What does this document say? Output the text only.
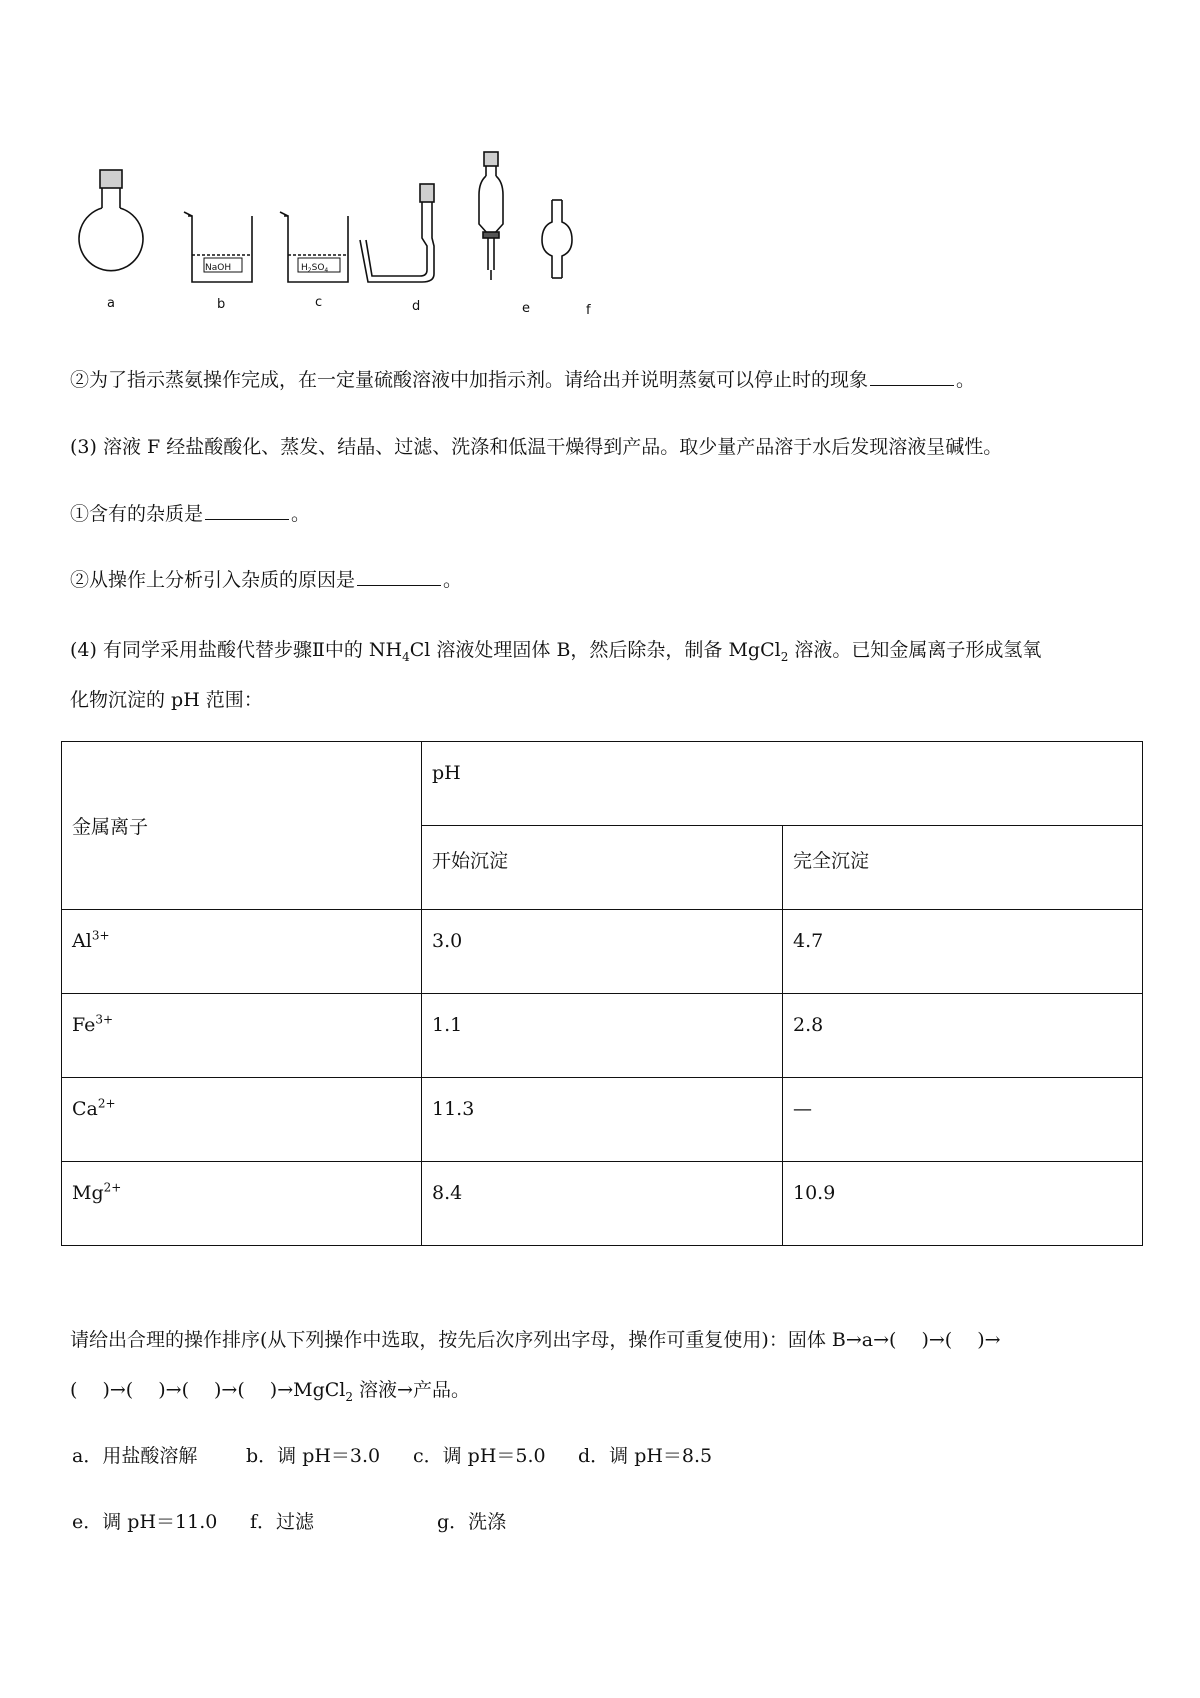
NaOH	$H_2SO_4$
a	b	c	d	e	f
②为了指示蒸氨操作完成，在一定量硫酸溶液中加指示剂。请给出并说明蒸氨可以停止时的现象	。
(3) 溶液 F 经盐酸酸化、蒸发、结晶、过滤、洗涤和低温干燥得到产品。取少量产品溶于水后发现溶液呈碱性。
①含有的杂质是	。
②从操作上分析引入杂质的原因是	。
(4) 有同学采用盐酸代替步骤Ⅱ中的 $NH_4Cl$ 溶液处理固体 B，然后除杂，制备 MgCl$_2$ 溶液。已知金属离子形成氢氧
化物沉淀的 pH 范围：
金属离子	pH	
	开始沉淀	完全沉淀
$Al^{3+}$	3.0	4.7
$Fe^{3+}$	1.1	2.8
$Ca^{2+}$	11.3	—
$Mg^{2+}$	8.4	10.9
请给出合理的操作排序(从下列操作中选取，按先后次序列出字母，操作可重复使用)：固体 B→a→(　 )→(　 )→
(　 )→(　 )→(　 )→(　 )→MgCl$_2$ 溶液→产品。
a．用盐酸溶解	b．调 pH＝3.0 c．调 pH＝5.0 d．调 pH＝8.5
e．调 pH＝11.0 f．过滤	g．洗涤
